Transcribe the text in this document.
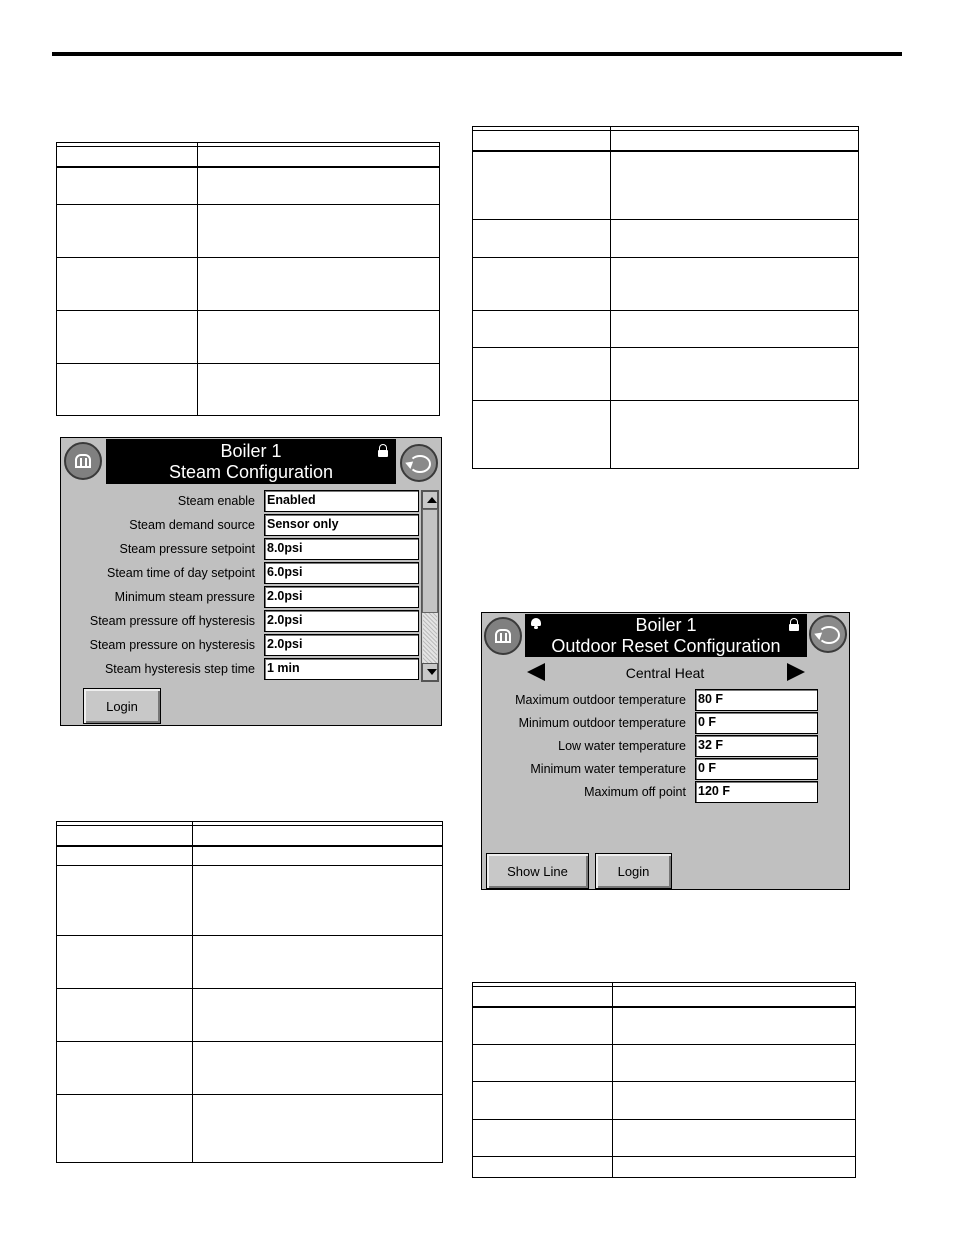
Boiler 1
Steam Configuration
Steam enable Enabled
Steam demand source Sensor only
Steam pressure setpoint 8.0psi
Steam time of day setpoint 6.0psi
Minimum steam pressure 2.0psi
Steam pressure off hysteresis 2.0psi
Steam pressure on hysteresis 2.0psi
Steam hysteresis step time 1 min
Login
Boiler 1
Outdoor Reset Configuration
Central Heat
Maximum outdoor temperature 80 F
Minimum outdoor temperature 0 F
Low water temperature 32 F
Minimum water temperature 0 F
Maximum off point 120 F
Show Line	Login
